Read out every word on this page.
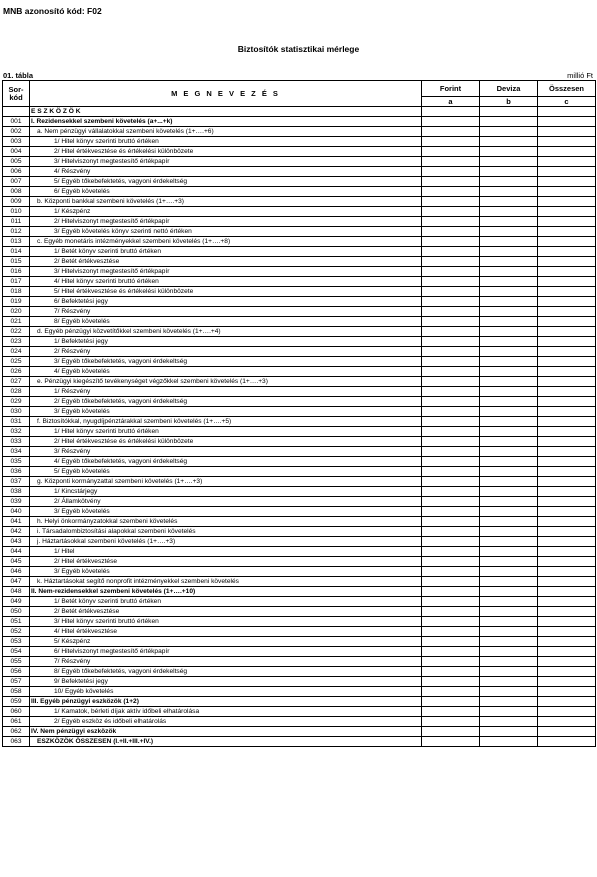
MNB azonosító kód: F02
Biztosítók statisztikai mérlege
01. tábla	millió Ft
Sor-
kód	M E G N E V E Z É S	Forint	Deviza	Összesen
		a	b	c
	E S Z K Ö Z Ö K			
001	I. Rezidensekkel szembeni követelés (a+...+k)			
002	a. Nem pénzügyi vállalatokkal szembeni követelés (1+….+6)			
003	1/ Hitel könyv szerinti bruttó értéken			
004	2/ Hitel értékvesztése és értékelési különbözete			
005	3/ Hitelviszonyt megtestesítő értékpapír			
006	4/ Részvény			
007	5/ Egyéb tőkebefektetés, vagyoni érdekeltség			
008	6/ Egyéb követelés			
009	b. Központi bankkal szembeni követelés (1+….+3)			
010	1/ Készpénz			
011	2/ Hitelviszonyt megtestesítő értékpapír			
012	3/ Egyéb követelés könyv szerinti nettó értéken			
013	c. Egyéb monetáris intézményekkel szembeni követelés (1+….+8)			
014	1/ Betét könyv szerinti bruttó értéken			
015	2/ Betét értékvesztése			
016	3/ Hitelviszonyt megtestesítő értékpapír			
017	4/ Hitel könyv szerinti bruttó értéken			
018	5/ Hitel értékvesztése és értékelési különbözete			
019	6/ Befektetési jegy			
020	7/ Részvény			
021	8/ Egyéb követelés			
022	d. Egyéb pénzügyi közvetítőkkel szembeni követelés (1+….+4)			
023	1/ Befektetési jegy			
024	2/ Részvény			
025	3/ Egyéb tőkebefektetés, vagyoni érdekeltség			
026	4/ Egyéb követelés			
027	e. Pénzügyi kiegészítő tevékenységet végzőkkel szembeni követelés (1+….+3)			
028	1/ Részvény			
029	2/ Egyéb tőkebefektetés, vagyoni érdekeltség			
030	3/ Egyéb követelés			
031	f. Biztosítókkal, nyugdíjpénztárakkal szembeni követelés (1+….+5)			
032	1/ Hitel könyv szerinti bruttó értéken			
033	2/ Hitel értékvesztése és értékelési különbözete			
034	3/ Részvény			
035	4/ Egyéb tőkebefektetés, vagyoni érdekeltség			
036	5/ Egyéb követelés			
037	g. Központi kormányzattal szembeni követelés (1+….+3)			
038	1/ Kincstárjegy			
039	2/ Államkötvény			
040	3/ Egyéb követelés			
041	h. Helyi önkormányzatokkal szembeni követelés			
042	i. Társadalombiztosítási alapokkal szembeni követelés			
043	j. Háztartásokkal szembeni követelés (1+….+3)			
044	1/ Hitel			
045	2/ Hitel értékvesztése			
046	3/ Egyéb követelés			
047	k. Háztartásokat segítő nonprofit intézményekkel szembeni követelés			
048	II. Nem-rezidensekkel szembeni követelés (1+….+10)			
049	1/ Betét könyv szerinti bruttó értéken			
050	2/ Betét értékvesztése			
051	3/ Hitel könyv szerinti bruttó értéken			
052	4/ Hitel értékvesztése			
053	5/ Készpénz			
054	6/ Hitelviszonyt megtestesítő értékpapír			
055	7/ Részvény			
056	8/ Egyéb tőkebefektetés, vagyoni érdekeltség			
057	9/ Befektetési jegy			
058	10/ Egyéb követelés			
059	III. Egyéb pénzügyi eszközök (1+2)			
060	1/ Kamatok, bérleti díjak aktív időbeli elhatárolása			
061	2/ Egyéb eszköz és időbeli elhatárolás			
062	IV. Nem pénzügyi eszközök			
063	ESZKÖZÖK ÖSSZESEN (I.+II.+III.+IV.)			
